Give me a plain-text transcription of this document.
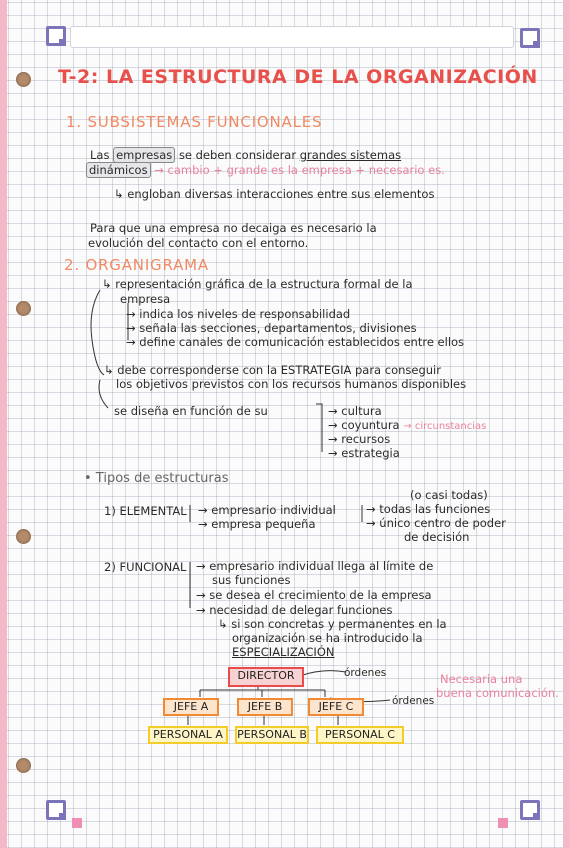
T-2: LA ESTRUCTURA DE LA ORGANIZACIÓN
1. SUBSISTEMAS FUNCIONALES
Las empresas se deben considerar grandes sistemas
dinámicos → cambio + grande es la empresa + necesario es.
↳ engloban diversas interacciones entre sus elementos
Para que una empresa no decaiga es necesario la
evolución del contacto con el entorno.
2. ORGANIGRAMA
↳ representación gráfica de la estructura formal de la
empresa
→ indica los niveles de responsabilidad
→ señala las secciones, departamentos, divisiones
→ define canales de comunicación establecidos entre ellos
↳ debe corresponderse con la ESTRATEGIA para conseguir
los objetivos previstos con los recursos humanos disponibles
se diseña en función de su	→ cultura
→ coyuntura → circunstancias
→ recursos
→ estrategia
• Tipos de estructuras
1) ELEMENTAL → empresario individual
→ empresa pequeña
(o casi todas)
→ todas las funciones
→ único centro de poder
de decisión
2) FUNCIONAL → empresario individual llega al límite de
sus funciones
→ se desea el crecimiento de la empresa
→ necesidad de delegar funciones
↳ si son concretas y permanentes en la
organización se ha introducido la
ESPECIALIZACIÓN
DIRECTOR
JEFE A	JEFE B	JEFE C
PERSONAL A	PERSONAL B	PERSONAL C
órdenes
órdenes
Necesaria una
buena comunicación.
